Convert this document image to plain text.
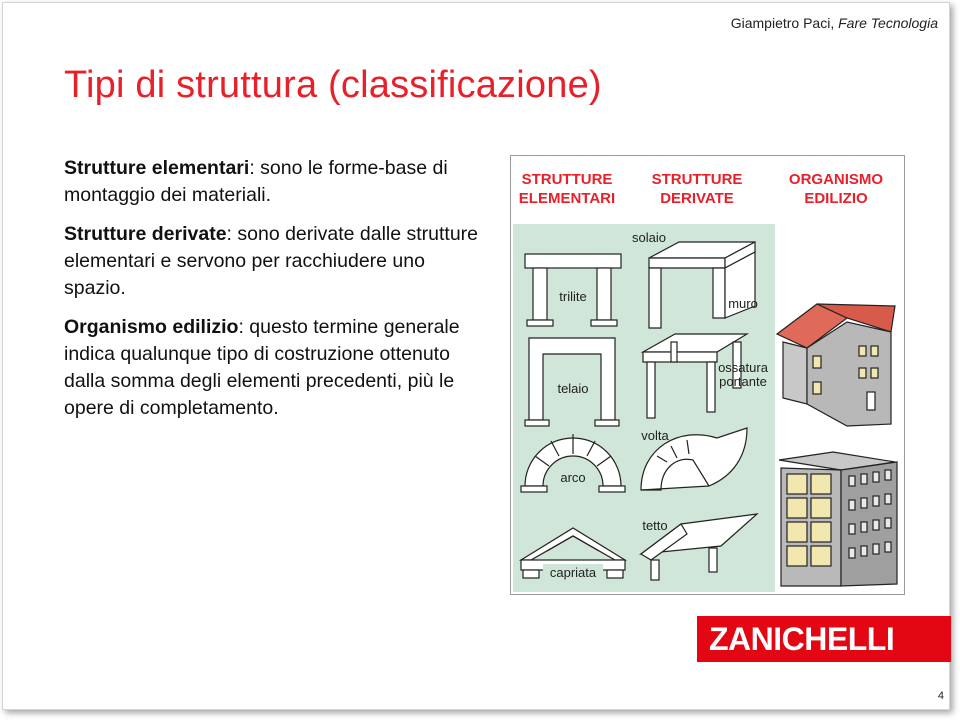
Giampietro Paci, Fare Tecnologia
Tipi di struttura (classificazione)

Strutture elementari: sono le forme-base di montaggio dei materiali.

Strutture derivate: sono derivate dalle strutture elementari e servono per racchiudere uno spazio.

Organismo edilizio: questo termine generale indica qualunque tipo di costruzione ottenuto dalla somma degli elementi precedenti, più le opere di completamento.

STRUTTURE
ELEMENTARI
STRUTTURE
DERIVATE
ORGANISMO
EDILIZIO
trilite
telaio
arco
capriata
solaio
muro
ossatura
portante
volta
tetto
ZANICHELLI
4
